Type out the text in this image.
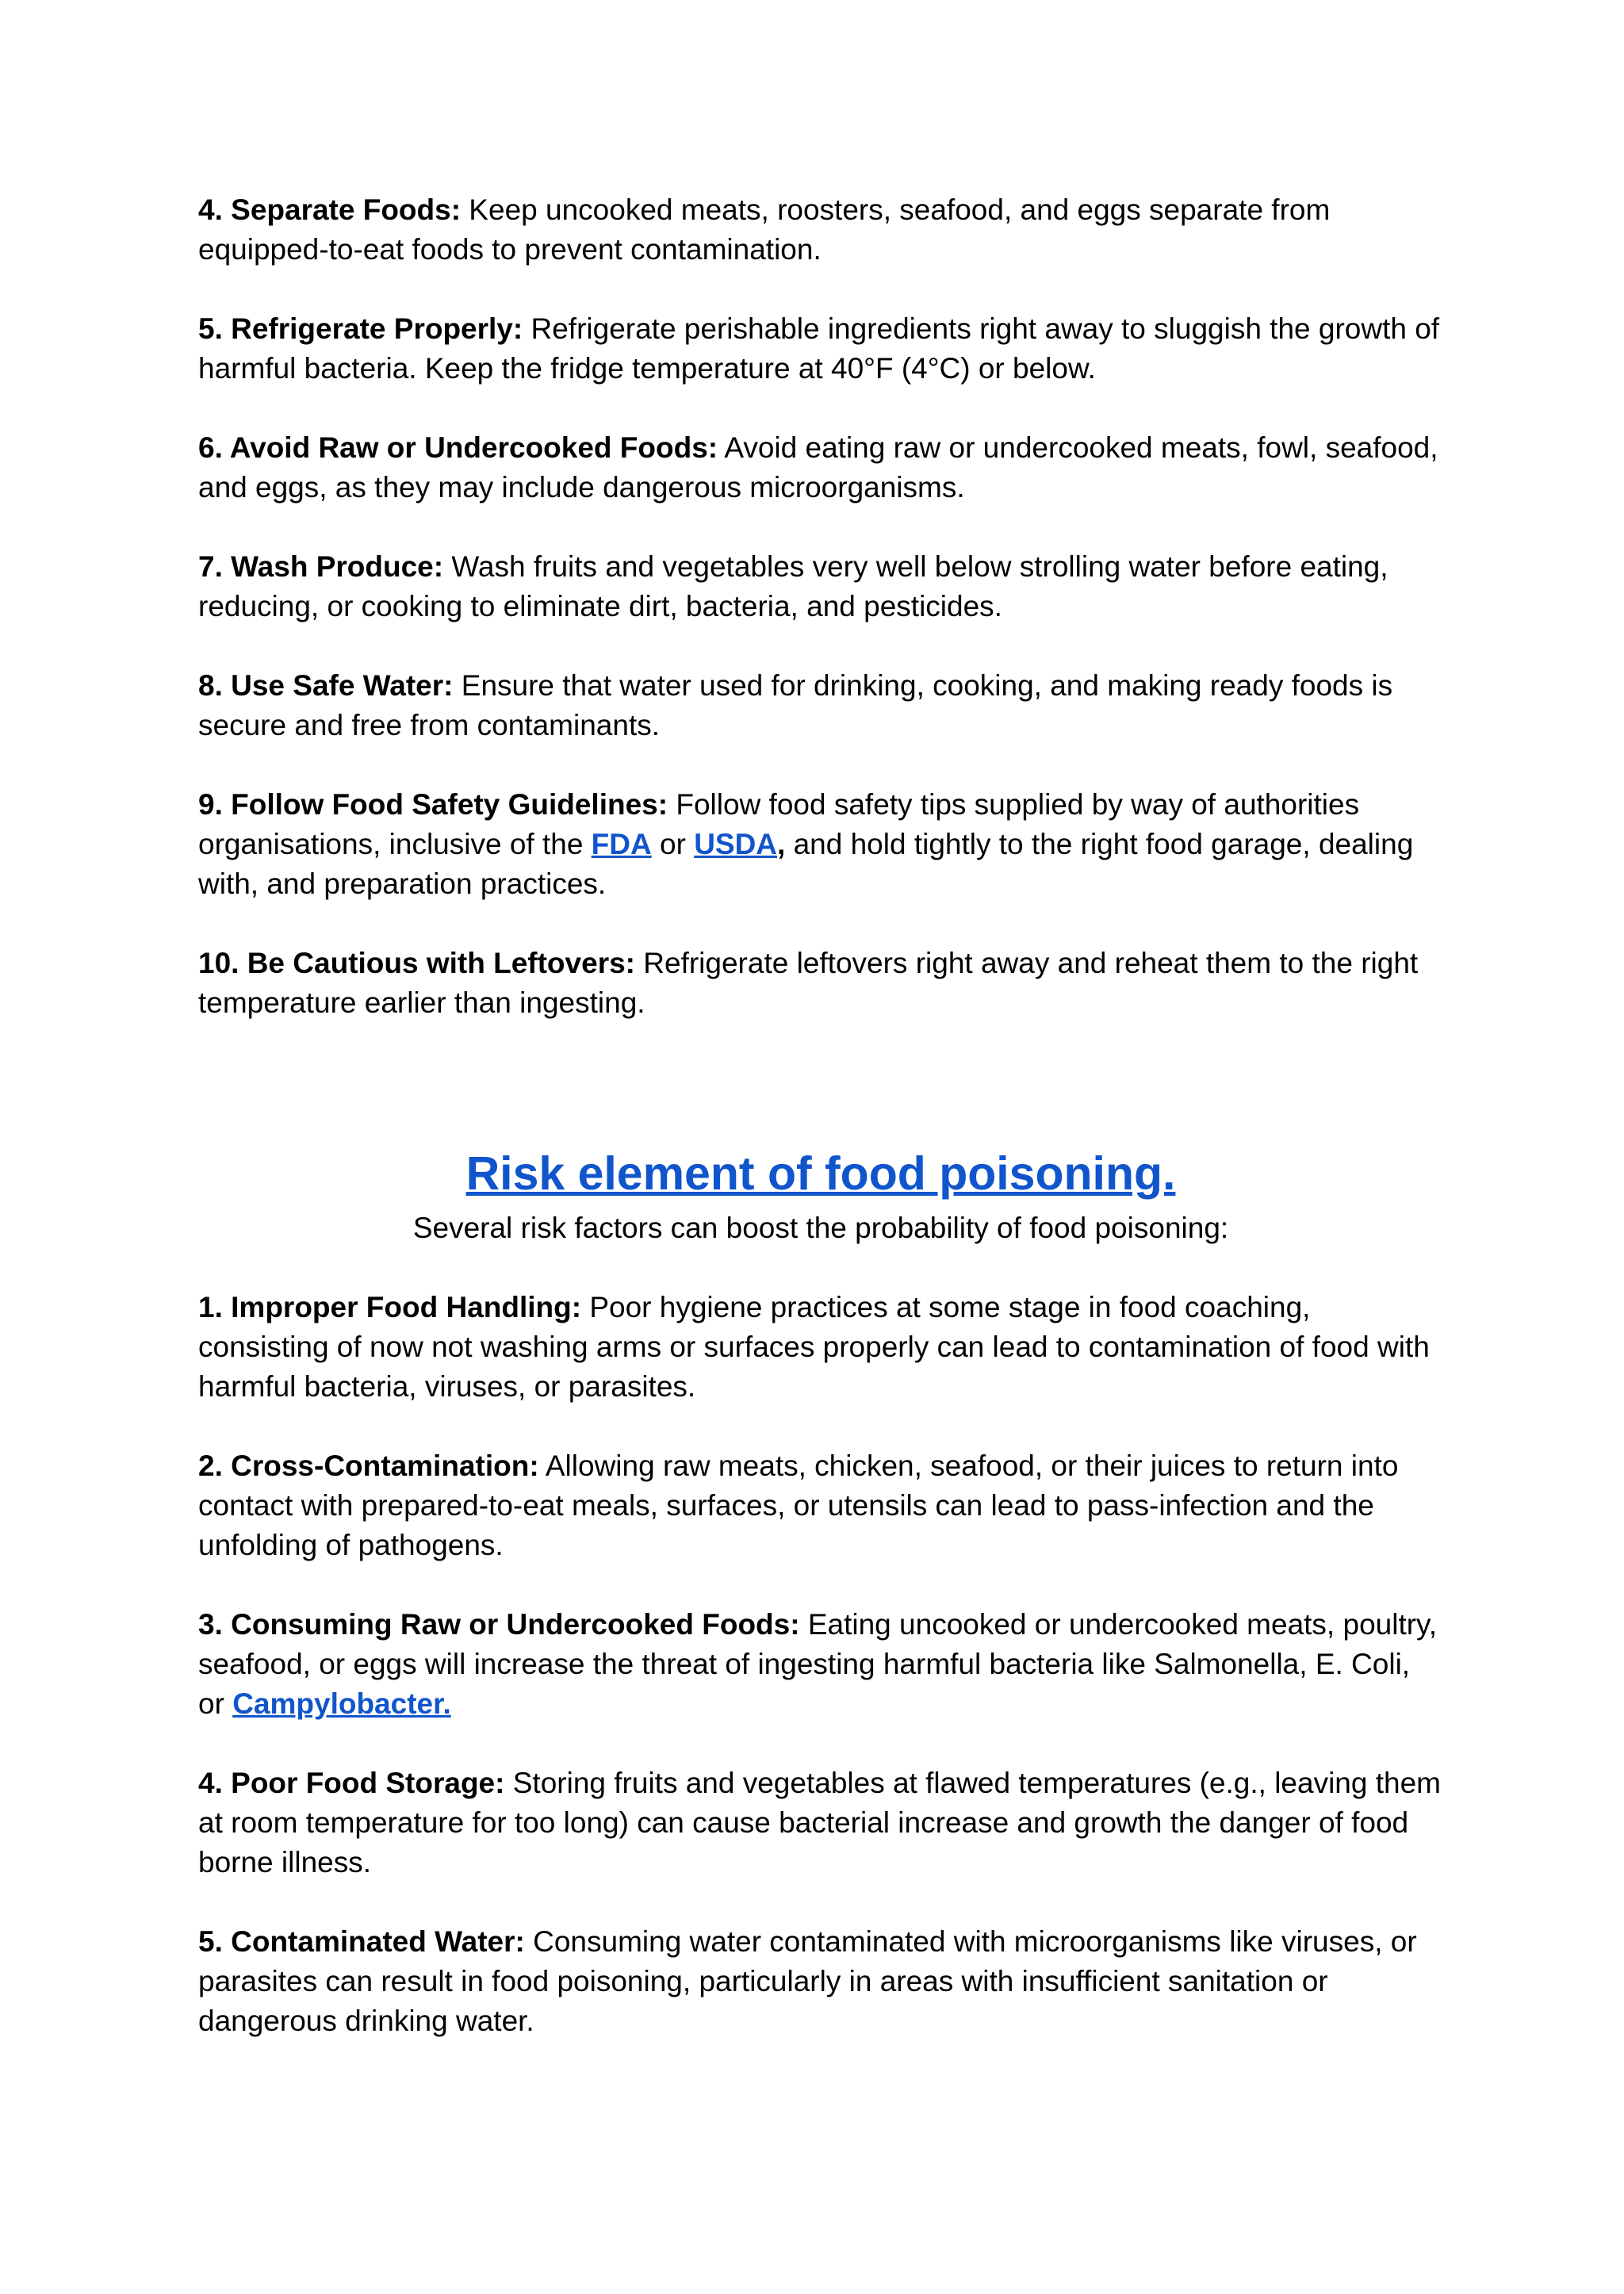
4. Separate Foods: Keep uncooked meats, roosters, seafood, and eggs separate from equipped-to-eat foods to prevent contamination.

5. Refrigerate Properly: Refrigerate perishable ingredients right away to sluggish the growth of harmful bacteria. Keep the fridge temperature at 40°F (4°C) or below.

6. Avoid Raw or Undercooked Foods: Avoid eating raw or undercooked meats, fowl, seafood, and eggs, as they may include dangerous microorganisms.

7. Wash Produce: Wash fruits and vegetables very well below strolling water before eating, reducing, or cooking to eliminate dirt, bacteria, and pesticides.

8. Use Safe Water: Ensure that water used for drinking, cooking, and making ready foods is secure and free from contaminants.

9. Follow Food Safety Guidelines: Follow food safety tips supplied by way of authorities organisations, inclusive of the FDA or USDA, and hold tightly to the right food garage, dealing with, and preparation practices.

10. Be Cautious with Leftovers: Refrigerate leftovers right away and reheat them to the right temperature earlier than ingesting.

Risk element of food poisoning.

Several risk factors can boost the probability of food poisoning:

1. Improper Food Handling: Poor hygiene practices at some stage in food coaching, consisting of now not washing arms or surfaces properly can lead to contamination of food with harmful bacteria, viruses, or parasites.

2. Cross-Contamination: Allowing raw meats, chicken, seafood, or their juices to return into contact with prepared-to-eat meals, surfaces, or utensils can lead to pass-infection and the unfolding of pathogens.

3. Consuming Raw or Undercooked Foods: Eating uncooked or undercooked meats, poultry, seafood, or eggs will increase the threat of ingesting harmful bacteria like Salmonella, E. Coli, or Campylobacter.

4. Poor Food Storage: Storing fruits and vegetables at flawed temperatures (e.g., leaving them at room temperature for too long) can cause bacterial increase and growth the danger of food borne illness.

5. Contaminated Water: Consuming water contaminated with microorganisms like viruses, or parasites can result in food poisoning, particularly in areas with insufficient sanitation or dangerous drinking water.
